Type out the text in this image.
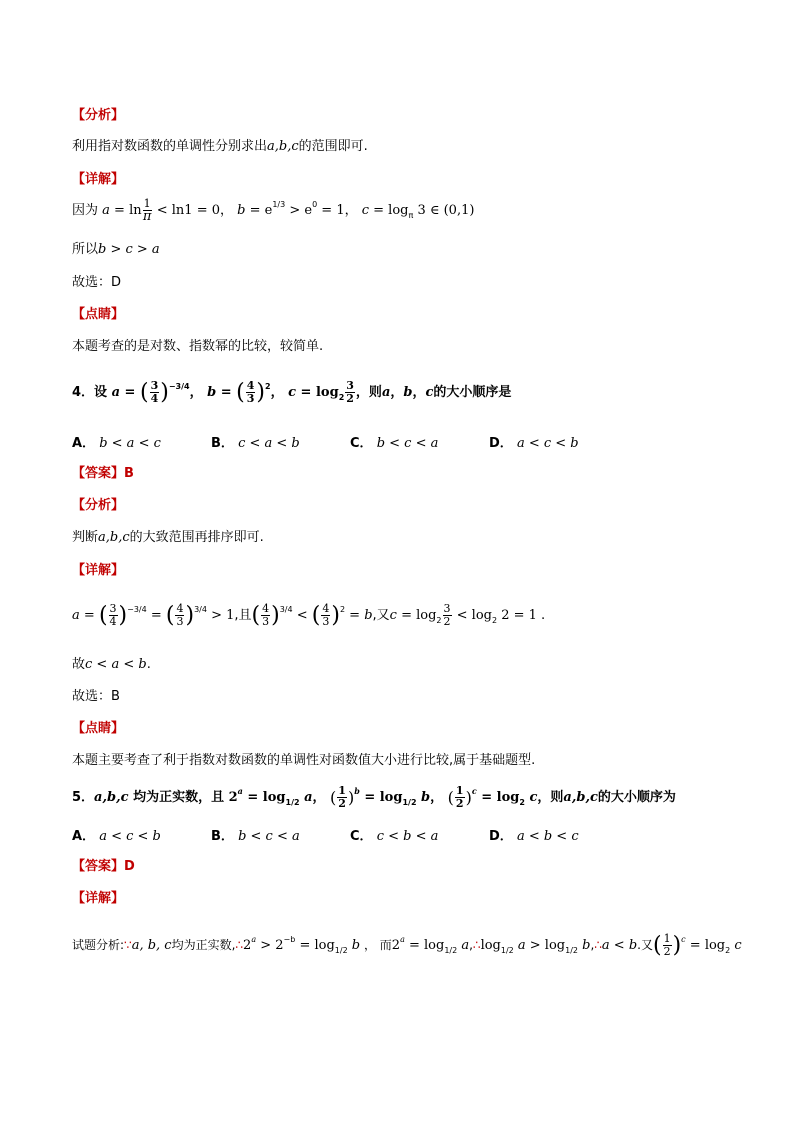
【分析】
利用指对数函数的单调性分别求出a,b,c的范围即可.
【详解】
因为 $a = \ln \frac{1}{\pi} < \ln 1 = 0$， $b = e^{1/3} > e^0 = 1$， $c = \log_\pi 3$ ∈ (0,1)
所以b > c > a
故选：D
【点睛】
本题考查的是对数、指数幂的比较，较简单.
4．设 a = ( $\frac{3}{4} )^{-3/4}$， b = ( $\frac{4}{3} )^2$， $c = \log_2 \frac{3}{2}$ ，则a，b，c的大小顺序是
A． b < a < c	B． c < a < b	C． b < c < a	D． a < c < b
【答案】B
【分析】
判断a,b,c的大致范围再排序即可.
【详解】
a = ( $\frac{3}{4} )^{-3/4}$ = ( $\frac{4}{3} )^{3/4} > 1$,且( $\frac{4}{3} )^{3/4}$ < ( $\frac{4}{3} )^2 = b$,又$c = \log_2 \frac{3}{2} < \log_2 2 = 1$ .
故c < a < b.
故选：B
【点睛】
本题主要考查了利于指数对数函数的单调性对函数值大小进行比较,属于基础题型.
5．a,b,c 均为正实数，且 $2^a = \log_{1/2} a$， ( $\frac{1}{2} )^b = \log_{1/2} b$， ( $\frac{1}{2} )^c = \log_2 c$，则a,b,c的大小顺序为
A． a < c < b	B． b < c < a	C． c < b < a	D． a < b < c
【答案】D
【详解】
试题分析:∵a, b, c均为正实数$,\therefore 2^a > 2^{-b} = \log_{1/2} b$ ， 而$2^a = \log_{1/2}$ $a,\therefore\log_{1/2}$ $a > \log_{1/2}$ b,∴a < b.又( $\frac{1}{2} )^c = \log_2 c$
